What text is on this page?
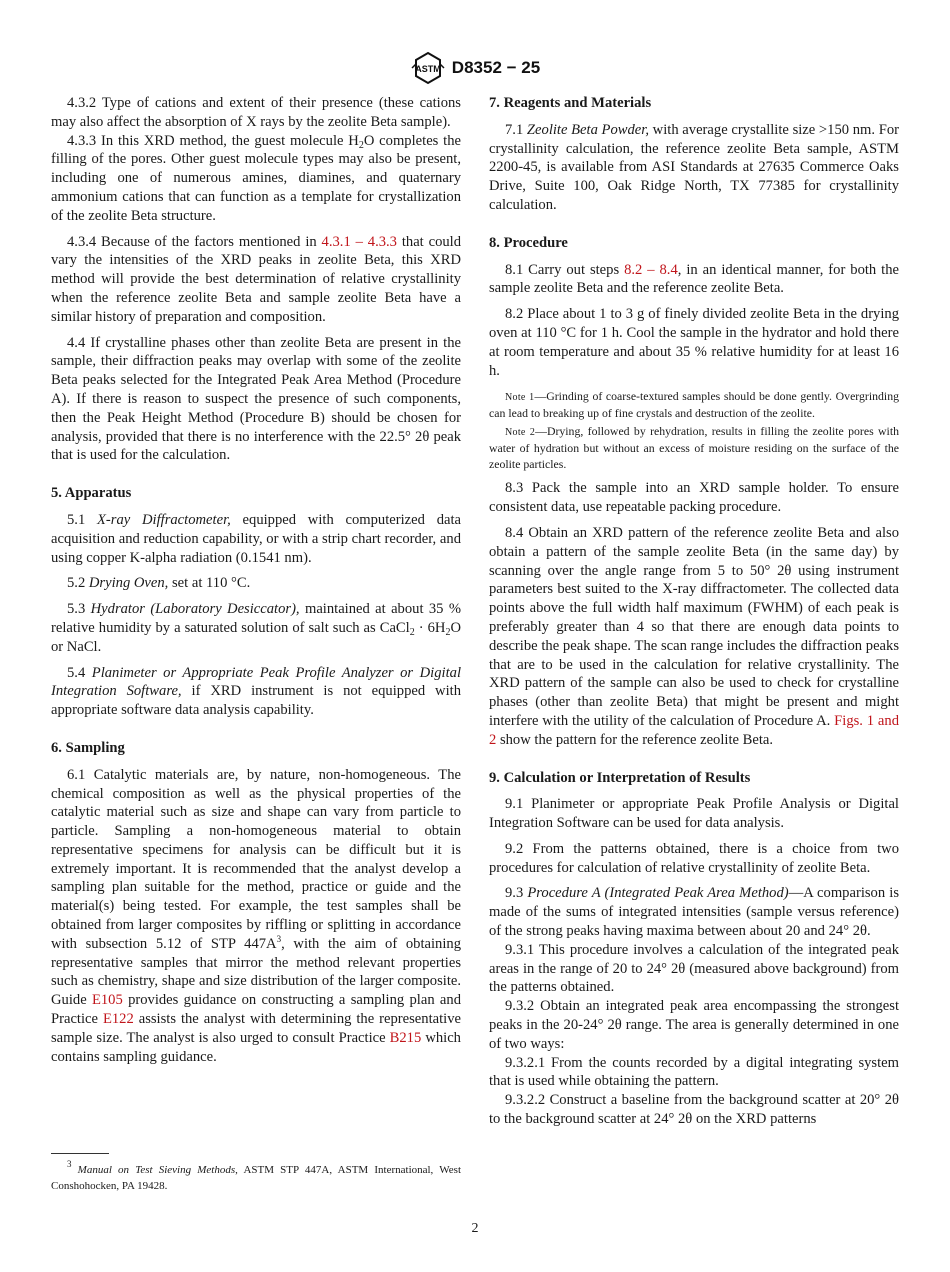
ASTM D8352 − 25

4.3.2 Type of cations and extent of their presence (these cations may also affect the absorption of X rays by the zeolite Beta sample).

4.3.3 In this XRD method, the guest molecule $H_2O$ completes the filling of the pores. Other guest molecule types may also be present, including one of numerous amines, diamines, and quaternary ammonium cations that can function as a template for crystallization of the zeolite Beta structure.

4.3.4 Because of the factors mentioned in 4.3.1 – 4.3.3 that could vary the intensities of the XRD peaks in zeolite Beta, this XRD method will provide the best determination of relative crystallinity when the reference zeolite Beta and sample zeolite Beta have a similar history of preparation and composition.

4.4 If crystalline phases other than zeolite Beta are present in the sample, their diffraction peaks may overlap with some of the zeolite Beta peaks selected for the Integrated Peak Area Method (Procedure A). If there is reason to suspect the presence of such components, then the Peak Height Method (Procedure B) should be chosen for analysis, provided that there is no interference with the 22.5° 2θ peak that is used for the calculation.

5. Apparatus

5.1 X-ray Diffractometer, equipped with computerized data acquisition and reduction capability, or with a strip chart recorder, and using copper K-alpha radiation (0.1541 nm).

5.2 Drying Oven, set at 110 °C.

5.3 Hydrator (Laboratory Desiccator), maintained at about 35 % relative humidity by a saturated solution of salt such as CaCl$_2$ · $6H_2O$ or NaCl.

5.4 Planimeter or Appropriate Peak Profile Analyzer or Digital Integration Software, if XRD instrument is not equipped with appropriate software data analysis capability.

6. Sampling

6.1 Catalytic materials are, by nature, non-homogeneous. The chemical composition as well as the physical properties of the catalytic material such as size and shape can vary from particle to particle. Sampling a non-homogeneous material to obtain representative specimens for analysis can be difficult but it is extremely important. It is recommended that the analyst develop a sampling plan suitable for the method, practice or guide and the material(s) being tested. For example, the test samples shall be obtained from larger composites by riffling or splitting in accordance with subsection 5.12 of STP $447A^3$, with the aim of obtaining representative samples that mirror the method relevant properties such as chemistry, shape and size distribution of the larger composite. Guide E105 provides guidance on constructing a sampling plan and Practice E122 assists the analyst with determining the representative sample size. The analyst is also urged to consult Practice B215 which contains sampling guidance.

7. Reagents and Materials

7.1 Zeolite Beta Powder, with average crystallite size >150 nm. For crystallinity calculation, the reference zeolite Beta sample, ASTM 2200-45, is available from ASI Standards at 27635 Commerce Oaks Drive, Suite 100, Oak Ridge North, TX 77385 for crystallinity calculation.

8. Procedure

8.1 Carry out steps 8.2 – 8.4, in an identical manner, for both the sample zeolite Beta and the reference zeolite Beta.

8.2 Place about 1 to 3 g of finely divided zeolite Beta in the drying oven at 110 °C for 1 h. Cool the sample in the hydrator and hold there at room temperature and about 35 % relative humidity for at least 16 h.

Note 1—Grinding of coarse-textured samples should be done gently. Overgrinding can lead to breaking up of fine crystals and destruction of the zeolite.

Note 2—Drying, followed by rehydration, results in filling the zeolite pores with water of hydration but without an excess of moisture residing on the surface of the zeolite particles.

8.3 Pack the sample into an XRD sample holder. To ensure consistent data, use repeatable packing procedure.

8.4 Obtain an XRD pattern of the reference zeolite Beta and also obtain a pattern of the sample zeolite Beta (in the same day) by scanning over the angle range from 5 to 50° 2θ using instrument parameters best suited to the X-ray diffractometer. The collected data points above the full width half maximum (FWHM) of each peak is preferably greater than 4 so that there are enough data points to describe the peak shape. The scan range includes the diffraction peaks that are to be used in the calculation for relative crystallinity. The XRD pattern of the sample can also be used to check for crystalline phases (other than zeolite Beta) that might be present and might interfere with the utility of the calculation of Procedure A. Figs. 1 and 2 show the pattern for the reference zeolite Beta.

9. Calculation or Interpretation of Results

9.1 Planimeter or appropriate Peak Profile Analysis or Digital Integration Software can be used for data analysis.

9.2 From the patterns obtained, there is a choice from two procedures for calculation of relative crystallinity of zeolite Beta.

9.3 Procedure A (Integrated Peak Area Method)—A comparison is made of the sums of integrated intensities (sample versus reference) of the strong peaks having maxima between about 20 and 24° 2θ.

9.3.1 This procedure involves a calculation of the integrated peak areas in the range of 20 to 24° 2θ (measured above background) from the patterns obtained.

9.3.2 Obtain an integrated peak area encompassing the strongest peaks in the 20-24° 2θ range. The area is generally determined in one of two ways:

9.3.2.1 From the counts recorded by a digital integrating system that is used while obtaining the pattern.

9.3.2.2 Construct a baseline from the background scatter at 20° 2θ to the background scatter at 24° 2θ on the XRD patterns

$^3$ Manual on Test Sieving Methods, ASTM STP 447A, ASTM International, West Conshohocken, PA 19428.

2
